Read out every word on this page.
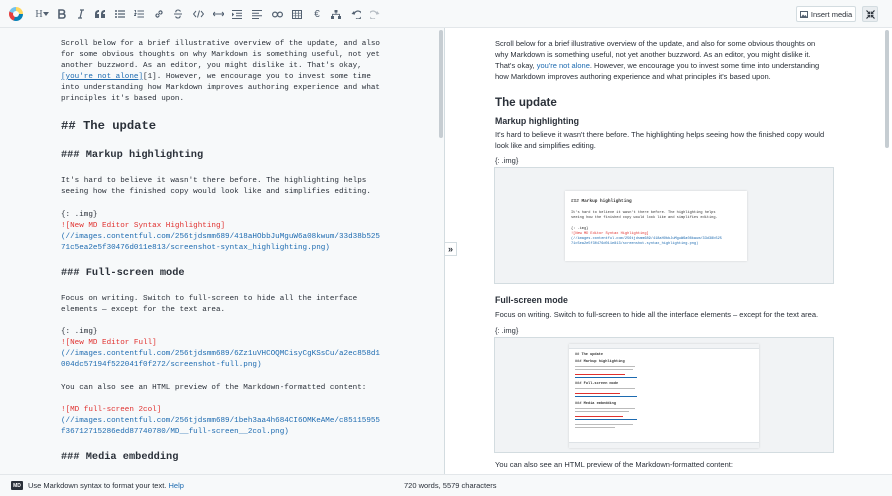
H	€	Insert media
Scroll below for a brief illustrative overview of the update, and also
for some obvious thoughts on why Markdown is something useful, not yet
another buzzword. As an editor, you might dislike it. That's okay,
[you're not alone][1]. However, we encourage you to invest some time
into understanding how Markdown improves authoring experience and what
principles it's based upon.
## The update
### Markup highlighting
It's hard to believe it wasn't there before. The highlighting helps
seeing how the finished copy would look like and simplifies editing.
{: .img}
![New MD Editor Syntax Highlighting]
(//images.contentful.com/256tjdsmm689/418aHObbJuMguW6a08kwum/33d38b525
71c5ea2e5f30476d011e813/screenshot-syntax_highlighting.png)
### Full-screen mode
Focus on writing. Switch to full-screen to hide all the interface
elements — except for the text area.
{: .img}
![New MD Editor Full]
(//images.contentful.com/256tjdsmm689/6Zz1uVHCOQMCisyCgKSsCu/a2ec858d1
004dc57194f522041f0f272/screenshot-full.png)
You can also see an HTML preview of the Markdown-formatted content:
![MD full-screen 2col]
(//images.contentful.com/256tjdsmm689/1beh3aa4h684CI6OMKeAMe/c85115955
f36712715286edd87740780/MD__full-screen__2col.png)
### Media embedding
»
Scroll below for a brief illustrative overview of the update, and also for some obvious thoughts on
why Markdown is something useful, not yet another buzzword. As an editor, you might dislike it.
That's okay, you're not alone. However, we encourage you to invest some time into understanding
how Markdown improves authoring experience and what principles it's based upon.
The update
Markup highlighting
It's hard to believe it wasn't there before. The highlighting helps seeing how the finished copy would
look like and simplifies editing.
{: .img}
### Markup highlighting
It's hard to believe it wasn't there before. The highlighting helps
seeing how the finished copy would look like and simplifies editing.
{: .img}
![New MD Editor Syntax Highlighting]
(//images.contentful.com/256tjdsmm689/418aHObbJuMguW6a08kwum/33d38b525
71c5ea2e5f30476d011e813/screenshot-syntax_highlighting.png)
Full-screen mode
Focus on writing. Switch to full-screen to hide all the interface elements – except for the text area.
{: .img}
## The update
### Markup highlighting
### Full-screen mode
### Media embedding
You can also see an HTML preview of the Markdown-formatted content:
MD Use Markdown syntax to format your text. Help	720 words, 5579 characters
